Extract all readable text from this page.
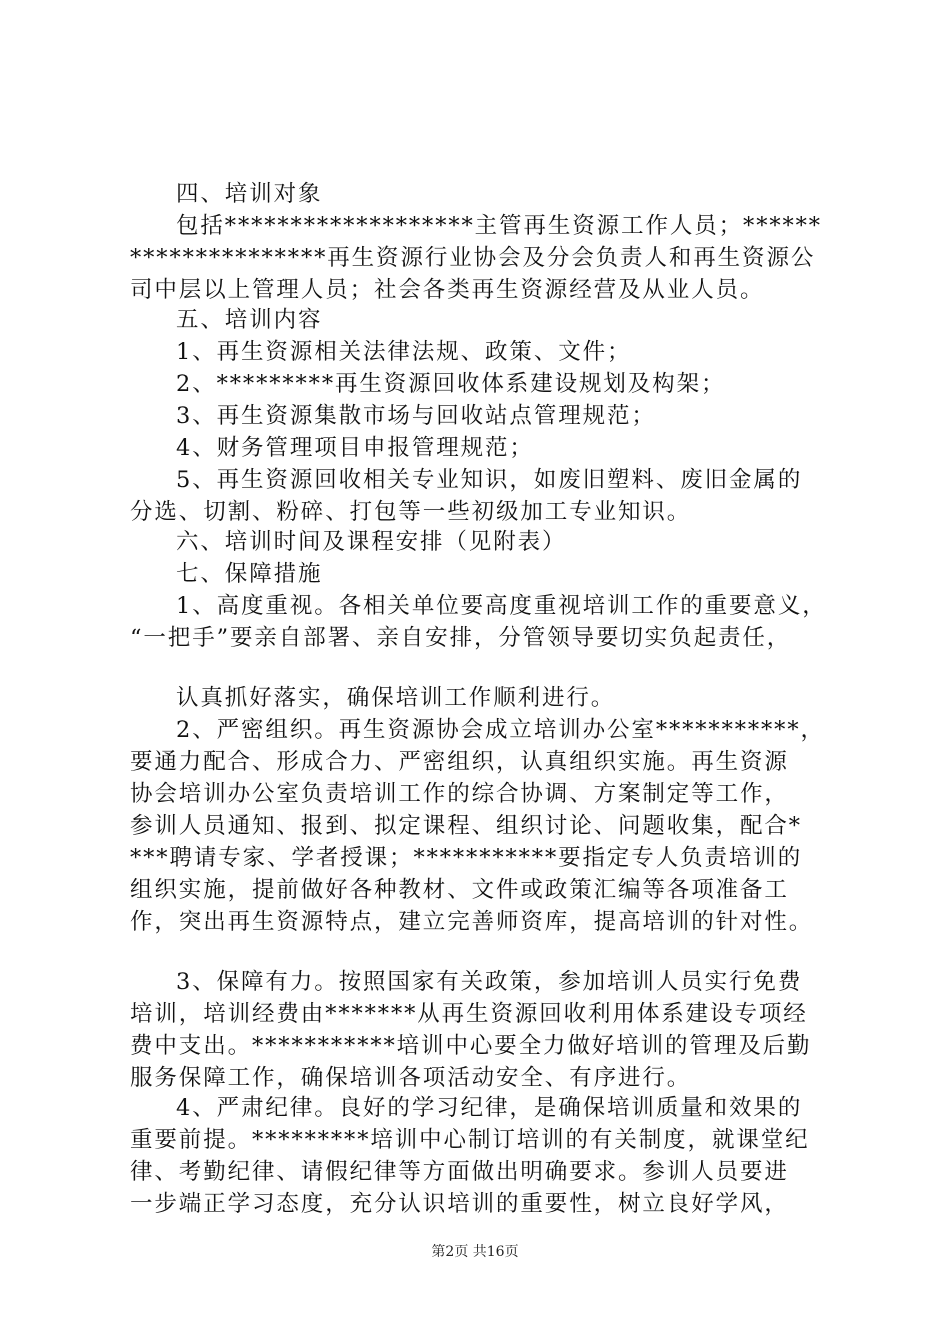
四、培训对象
包括*******************主管再生资源工作人员；******
***************再生资源行业协会及分会负责人和再生资源公
司中层以上管理人员；社会各类再生资源经营及从业人员。
五、培训内容
1、再生资源相关法律法规、政策、文件；
2、*********再生资源回收体系建设规划及构架；
3、再生资源集散市场与回收站点管理规范；
4、财务管理项目申报管理规范；
5、再生资源回收相关专业知识，如废旧塑料、废旧金属的
分选、切割、粉碎、打包等一些初级加工专业知识。
六、培训时间及课程安排（见附表）
七、保障措施
1、高度重视。各相关单位要高度重视培训工作的重要意义，
“一把手”要亲自部署、亲自安排，分管领导要切实负起责任，
认真抓好落实，确保培训工作顺利进行。
2、严密组织。再生资源协会成立培训办公室***********，
要通力配合、形成合力、严密组织，认真组织实施。再生资源
协会培训办公室负责培训工作的综合协调、方案制定等工作，
参训人员通知、报到、拟定课程、组织讨论、问题收集，配合*
***聘请专家、学者授课；***********要指定专人负责培训的
组织实施，提前做好各种教材、文件或政策汇编等各项准备工
作，突出再生资源特点，建立完善师资库，提高培训的针对性。
3、保障有力。按照国家有关政策，参加培训人员实行免费
培训，培训经费由*******从再生资源回收利用体系建设专项经
费中支出。***********培训中心要全力做好培训的管理及后勤
服务保障工作，确保培训各项活动安全、有序进行。
4、严肃纪律。良好的学习纪律，是确保培训质量和效果的
重要前提。*********培训中心制订培训的有关制度，就课堂纪
律、考勤纪律、请假纪律等方面做出明确要求。参训人员要进
一步端正学习态度，充分认识培训的重要性，树立良好学风，
第2页 共16页
